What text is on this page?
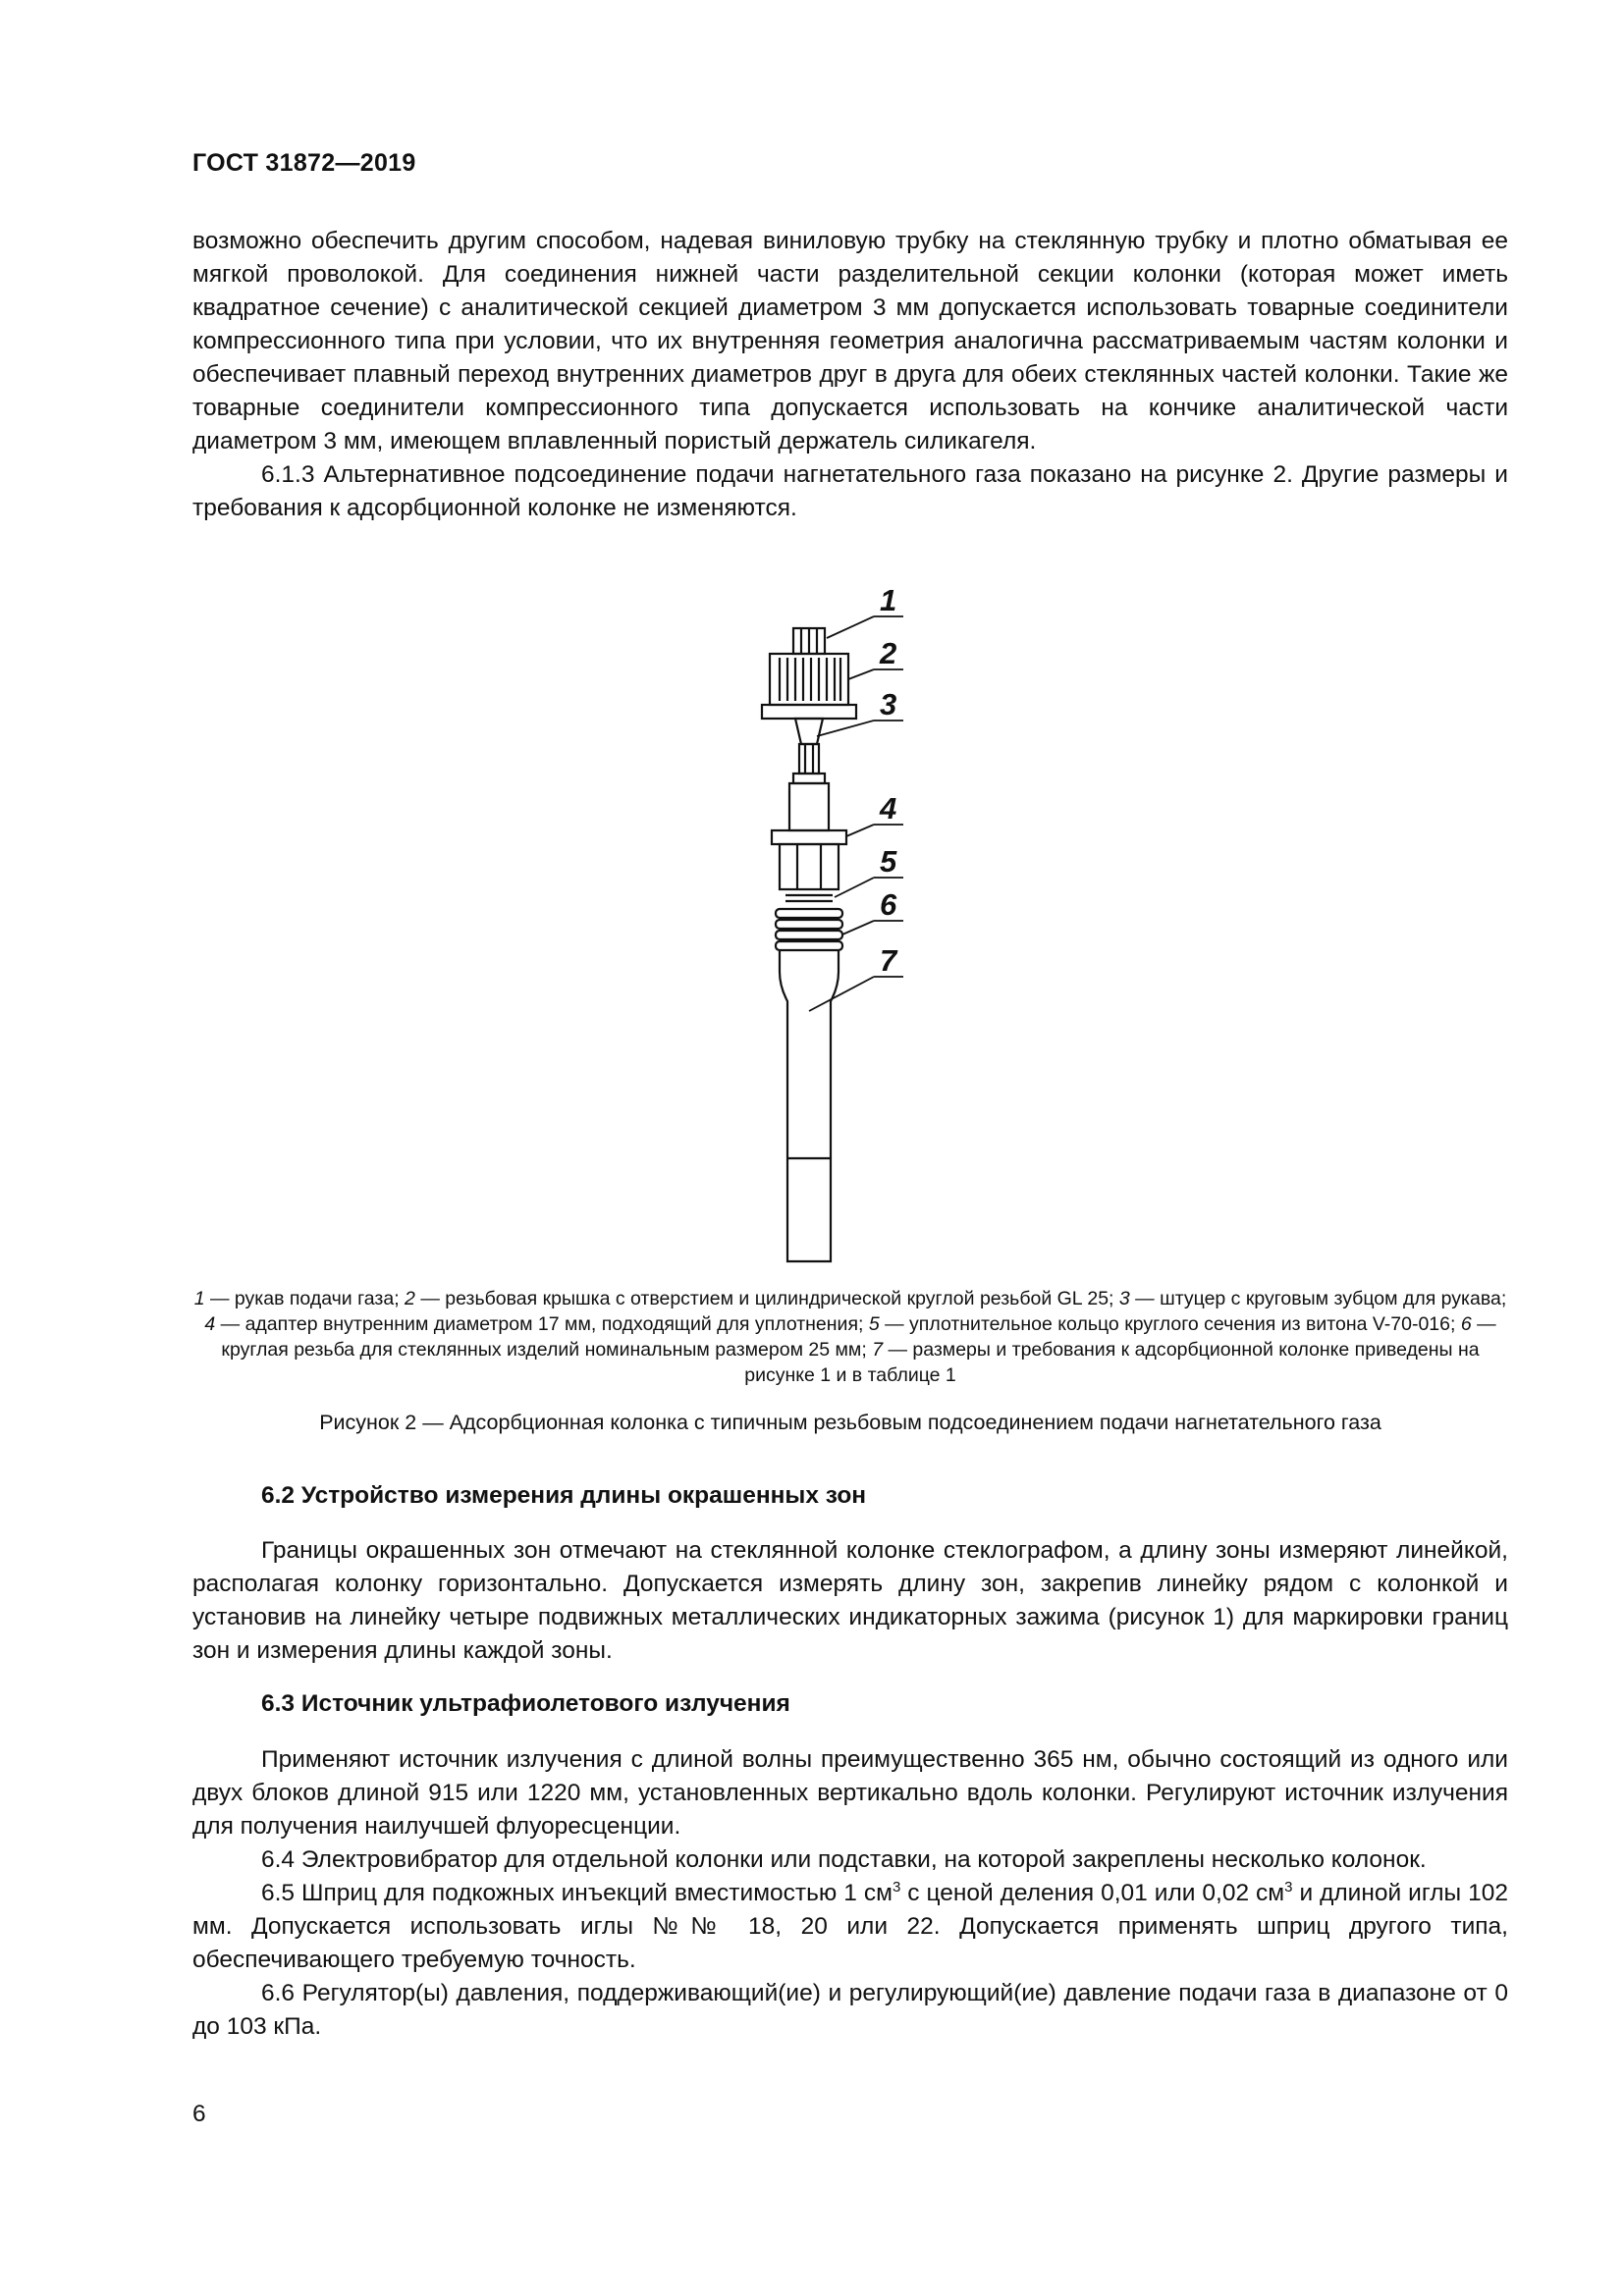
ГОСТ 31872—2019

возможно обеспечить другим способом, надевая виниловую трубку на стеклянную трубку и плотно обматывая ее мягкой проволокой. Для соединения нижней части разделительной секции колонки (которая может иметь квадратное сечение) с аналитической секцией диаметром 3 мм допускается использовать товарные соединители компрессионного типа при условии, что их внутренняя геометрия аналогична рассматриваемым частям колонки и обеспечивает плавный переход внутренних диаметров друг в друга для обеих стеклянных частей колонки. Такие же товарные соединители компрессионного типа допускается использовать на кончике аналитической части диаметром 3 мм, имеющем вплавленный пористый держатель силикагеля.

6.1.3 Альтернативное подсоединение подачи нагнетательного газа показано на рисунке 2. Другие размеры и требования к адсорбционной колонке не изменяются.

1
2
3
4
5
6
7
1 — рукав подачи газа; 2 — резьбовая крышка с отверстием и цилиндрической круглой резьбой GL 25; 3 — штуцер с круговым зубцом для рукава; 4 — адаптер внутренним диаметром 17 мм, подходящий для уплотнения; 5 — уплотнительное кольцо круглого сечения из витона V-70-016; 6 — круглая резьба для стеклянных изделий номинальным размером 25 мм; 7 — размеры и требования к адсорбционной колонке приведены на рисунке 1 и в таблице 1
Рисунок 2 — Адсорбционная колонка с типичным резьбовым подсоединением подачи нагнетательного газа
6.2 Устройство измерения длины окрашенных зон

Границы окрашенных зон отмечают на стеклянной колонке стеклографом, а длину зоны измеряют линейкой, располагая колонку горизонтально. Допускается измерять длину зон, закрепив линейку рядом с колонкой и установив на линейку четыре подвижных металлических индикаторных зажима (рисунок 1) для маркировки границ зон и измерения длины каждой зоны.

6.3 Источник ультрафиолетового излучения

Применяют источник излучения с длиной волны преимущественно 365 нм, обычно состоящий из одного или двух блоков длиной 915 или 1220 мм, установленных вертикально вдоль колонки. Регулируют источник излучения для получения наилучшей флуоресценции.

6.4 Электровибратор для отдельной колонки или подставки, на которой закреплены несколько колонок.

6.5 Шприц для подкожных инъекций вместимостью 1 $см^3$ с ценой деления 0,01 или 0,02 $см^3$ и длиной иглы 102 мм. Допускается использовать иглы №№ 18, 20 или 22. Допускается применять шприц другого типа, обеспечивающего требуемую точность.

6.6 Регулятор(ы) давления, поддерживающий(ие) и регулирующий(ие) давление подачи газа в диапазоне от 0 до 103 кПа.

6
